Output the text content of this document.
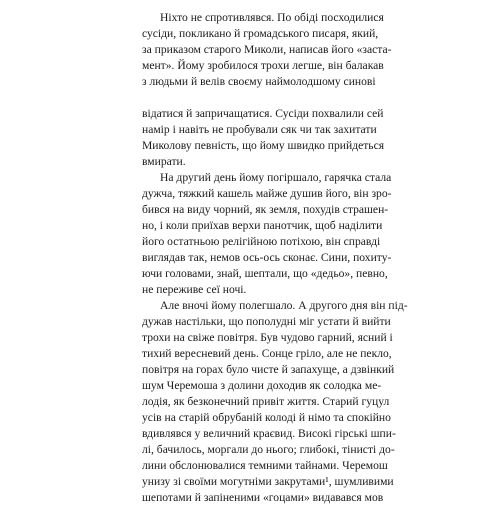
Ніхто не спротивлявся. По обіді посходилися
сусіди, покликано й громадського писаря, який,
за приказом старого Миколи, написав його «заста-
мент». Йому зробилося трохи легше, він балакав
з людьми й велів своєму наймолодшому синові
відатися й запричащатися. Сусіди похвалили сей
намір і навіть не пробували сяк чи так захитати
Миколову певність, що йому швидко прийдеться
вмирати.
На другий день йому погіршало, гарячка стала
дужча, тяжкий кашель майже душив його, він зро-
бився на виду чорний, як земля, похудів страшен-
но, і коли приїхав верхи панотчик, щоб наділити
його остатньою релігійною потіхою, він справді
виглядав так, немов ось-ось сконає. Сини, похиту-
ючи головами, знай, шептали, що «дедьо», певно,
не переживе сеї ночі.
Але вночі йому полегшало. А другого дня він під-
дужав настільки, що пополудні міг устати й вийти
трохи на свіже повітря. Був чудово гарний, ясний і
тихий вересневий день. Сонце гріло, але не пекло,
повітря на горах було чисте й запахуще, а дзвінкий
шум Черемоша з долини доходив як солодка ме-
лодія, як безконечний привіт життя. Старий гуцул
усів на старій обрубаній колоді й німо та спокійно
вдивлявся у величний краєвид. Високі гірські шпи-
лі, бачилось, моргали до нього; глибокі, тінисті до-
лини обслонювалися темними тайнами. Черемош
унизу зі своїми могутніми закрутами¹, шумливими
шепотами й запіненими «гоцами» видавався мов
